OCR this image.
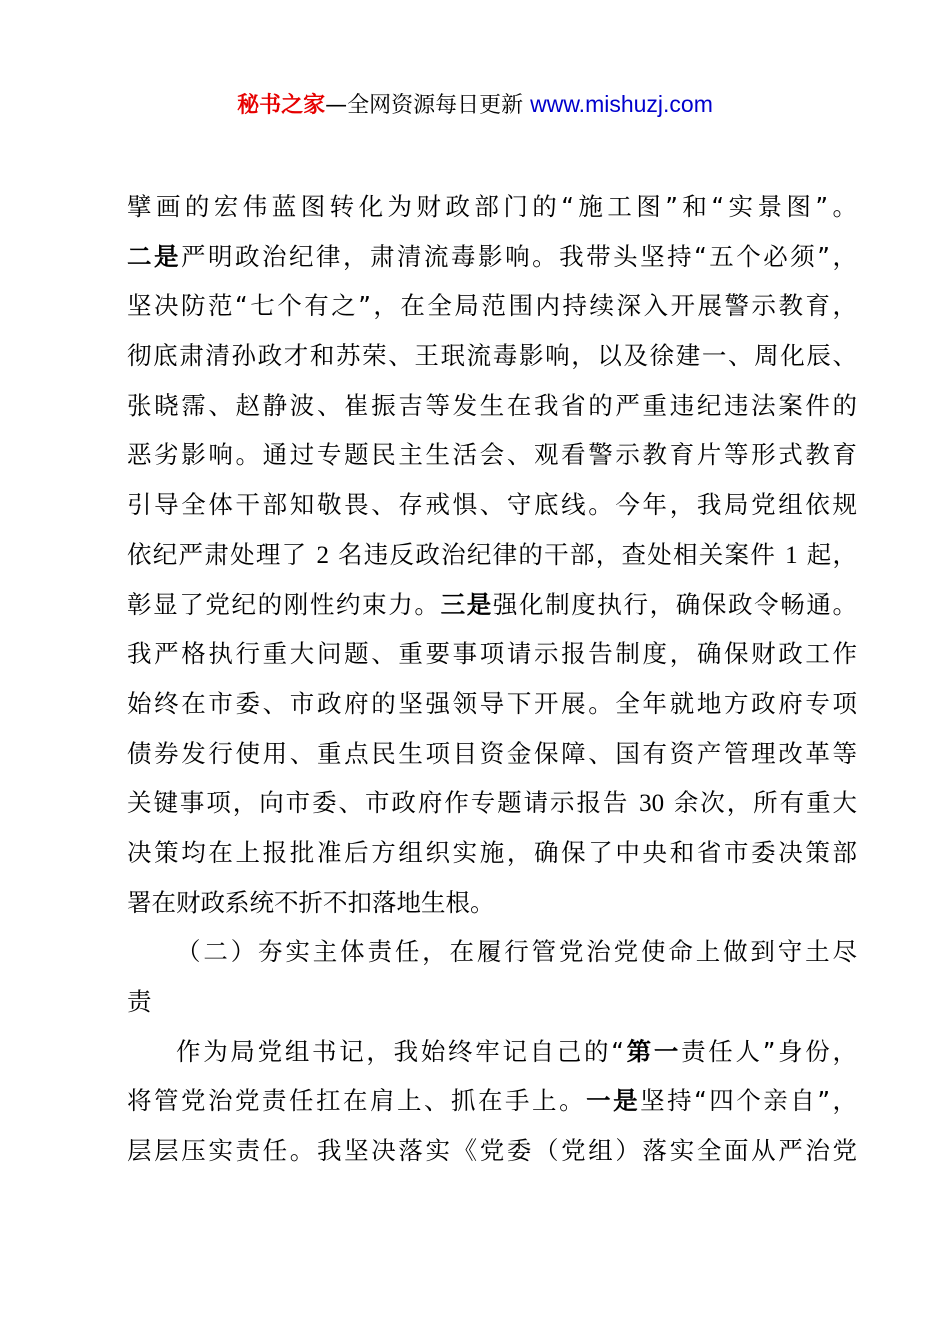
秘书之家—全网资源每日更新 www.mishuzj.com
擘画的宏伟蓝图转化为财政部门的“施工图”和“实景图”。
二是严明政治纪律，肃清流毒影响。我带头坚持“五个必须”，
坚决防范“七个有之”，在全局范围内持续深入开展警示教育，
彻底肃清孙政才和苏荣、王珉流毒影响，以及徐建一、周化辰、
张晓霈、赵静波、崔振吉等发生在我省的严重违纪违法案件的
恶劣影响。通过专题民主生活会、观看警示教育片等形式教育
引导全体干部知敬畏、存戒惧、守底线。今年，我局党组依规
依纪严肃处理了 2 名违反政治纪律的干部，查处相关案件 1 起，
彰显了党纪的刚性约束力。三是强化制度执行，确保政令畅通。
我严格执行重大问题、重要事项请示报告制度，确保财政工作
始终在市委、市政府的坚强领导下开展。全年就地方政府专项
债券发行使用、重点民生项目资金保障、国有资产管理改革等
关键事项，向市委、市政府作专题请示报告 30 余次，所有重大
决策均在上报批准后方组织实施，确保了中央和省市委决策部
署在财政系统不折不扣落地生根。
（二）夯实主体责任，在履行管党治党使命上做到守土尽
责
作为局党组书记，我始终牢记自己的“第一责任人”身份，
将管党治党责任扛在肩上、抓在手上。一是坚持“四个亲自”，
层层压实责任。我坚决落实《党委（党组）落实全面从严治党
